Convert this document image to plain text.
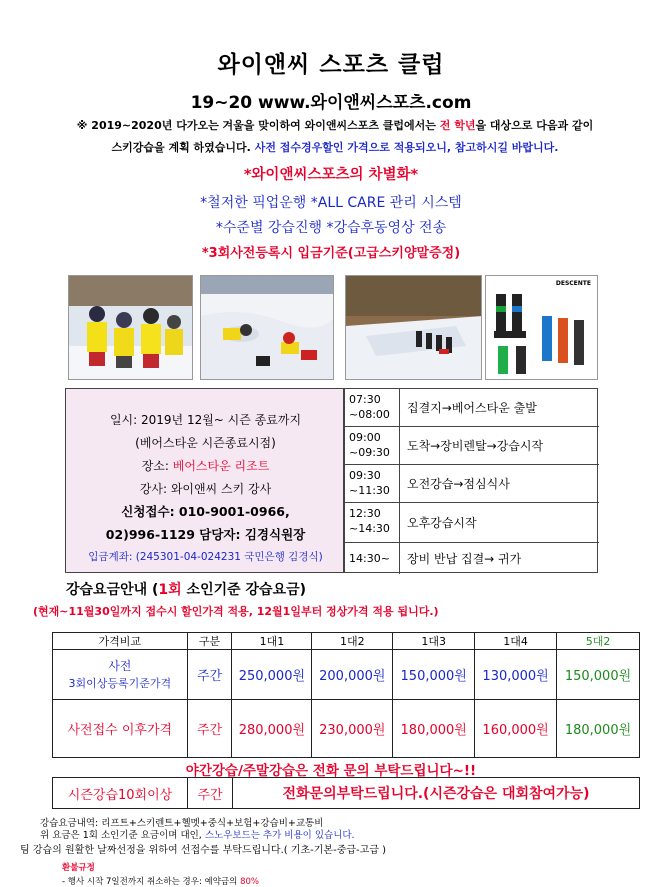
와이앤씨 스포츠 클럽
19~20 www.와이앤씨스포츠.com
※ 2019~2020년 다가오는 겨울을 맞이하여 와이앤씨스포츠 클럽에서는 전 학년을 대상으로 다음과 같이
스키강습을 계획 하였습니다. 사전 접수경우할인 가격으로 적용되오니, 참고하시길 바랍니다.
*와이앤씨스포츠의 차별화*
*철저한 픽업운행 *ALL CARE 관리 시스템
*수준별 강습진행 *강습후동영상 전송
*3회사전등록시 입금기준(고급스키양말증정)
DESCENTE
일시: 2019년 12월~ 시즌 종료까지
(베어스타운 시즌종료시점)
장소: 베어스타운 리조트
강사: 와이앤씨 스키 강사
신청접수: 010-9001-0966,
02)996-1129 담당자: 김경식원장
입금계좌: (245301-04-024231 국민은행 김경식)
07:30
~08:00	집결지→베어스타운 출발
09:00
~09:30	도착→장비렌탈→강습시작
09:30
~11:30	오전강습→점심식사
12:30
~14:30	오후강습시작
14:30~	장비 반납 집결→ 귀가
강습요금안내 (1회 소인기준 강습요금)
(현재~11월30일까지 접수시 할인가격 적용, 12월1일부터 정상가격 적용 됩니다.)
가격비교	구분	1대1	1대2	1대3	1대4	5대2

사전
3회이상등록기준가격	주간	250,000원	200,000원	150,000원	130,000원	150,000원
사전접수 이후가격	주간	280,000원	230,000원	180,000원	160,000원	180,000원
야간강습/주말강습은 전화 문의 부탁드립니다~!!
시즌강습10회이상	주간	전화문의부탁드립니다.(시즌강습은 대회참여가능)
강습요금내역: 리프트+스키렌트+헬멧+중식+보험+강습비+교통비
위 요금은 1회 소인기준 요금이며 대인, 스노우보드는 추가 비용이 있습니다.
팀 강습의 원활한 날짜선정을 위하여 선접수를 부탁드립니다.( 기초-기본-중급-고급 )
환불규정
- 행사 시작 7일전까지 취소하는 경우: 예약금의 80%
